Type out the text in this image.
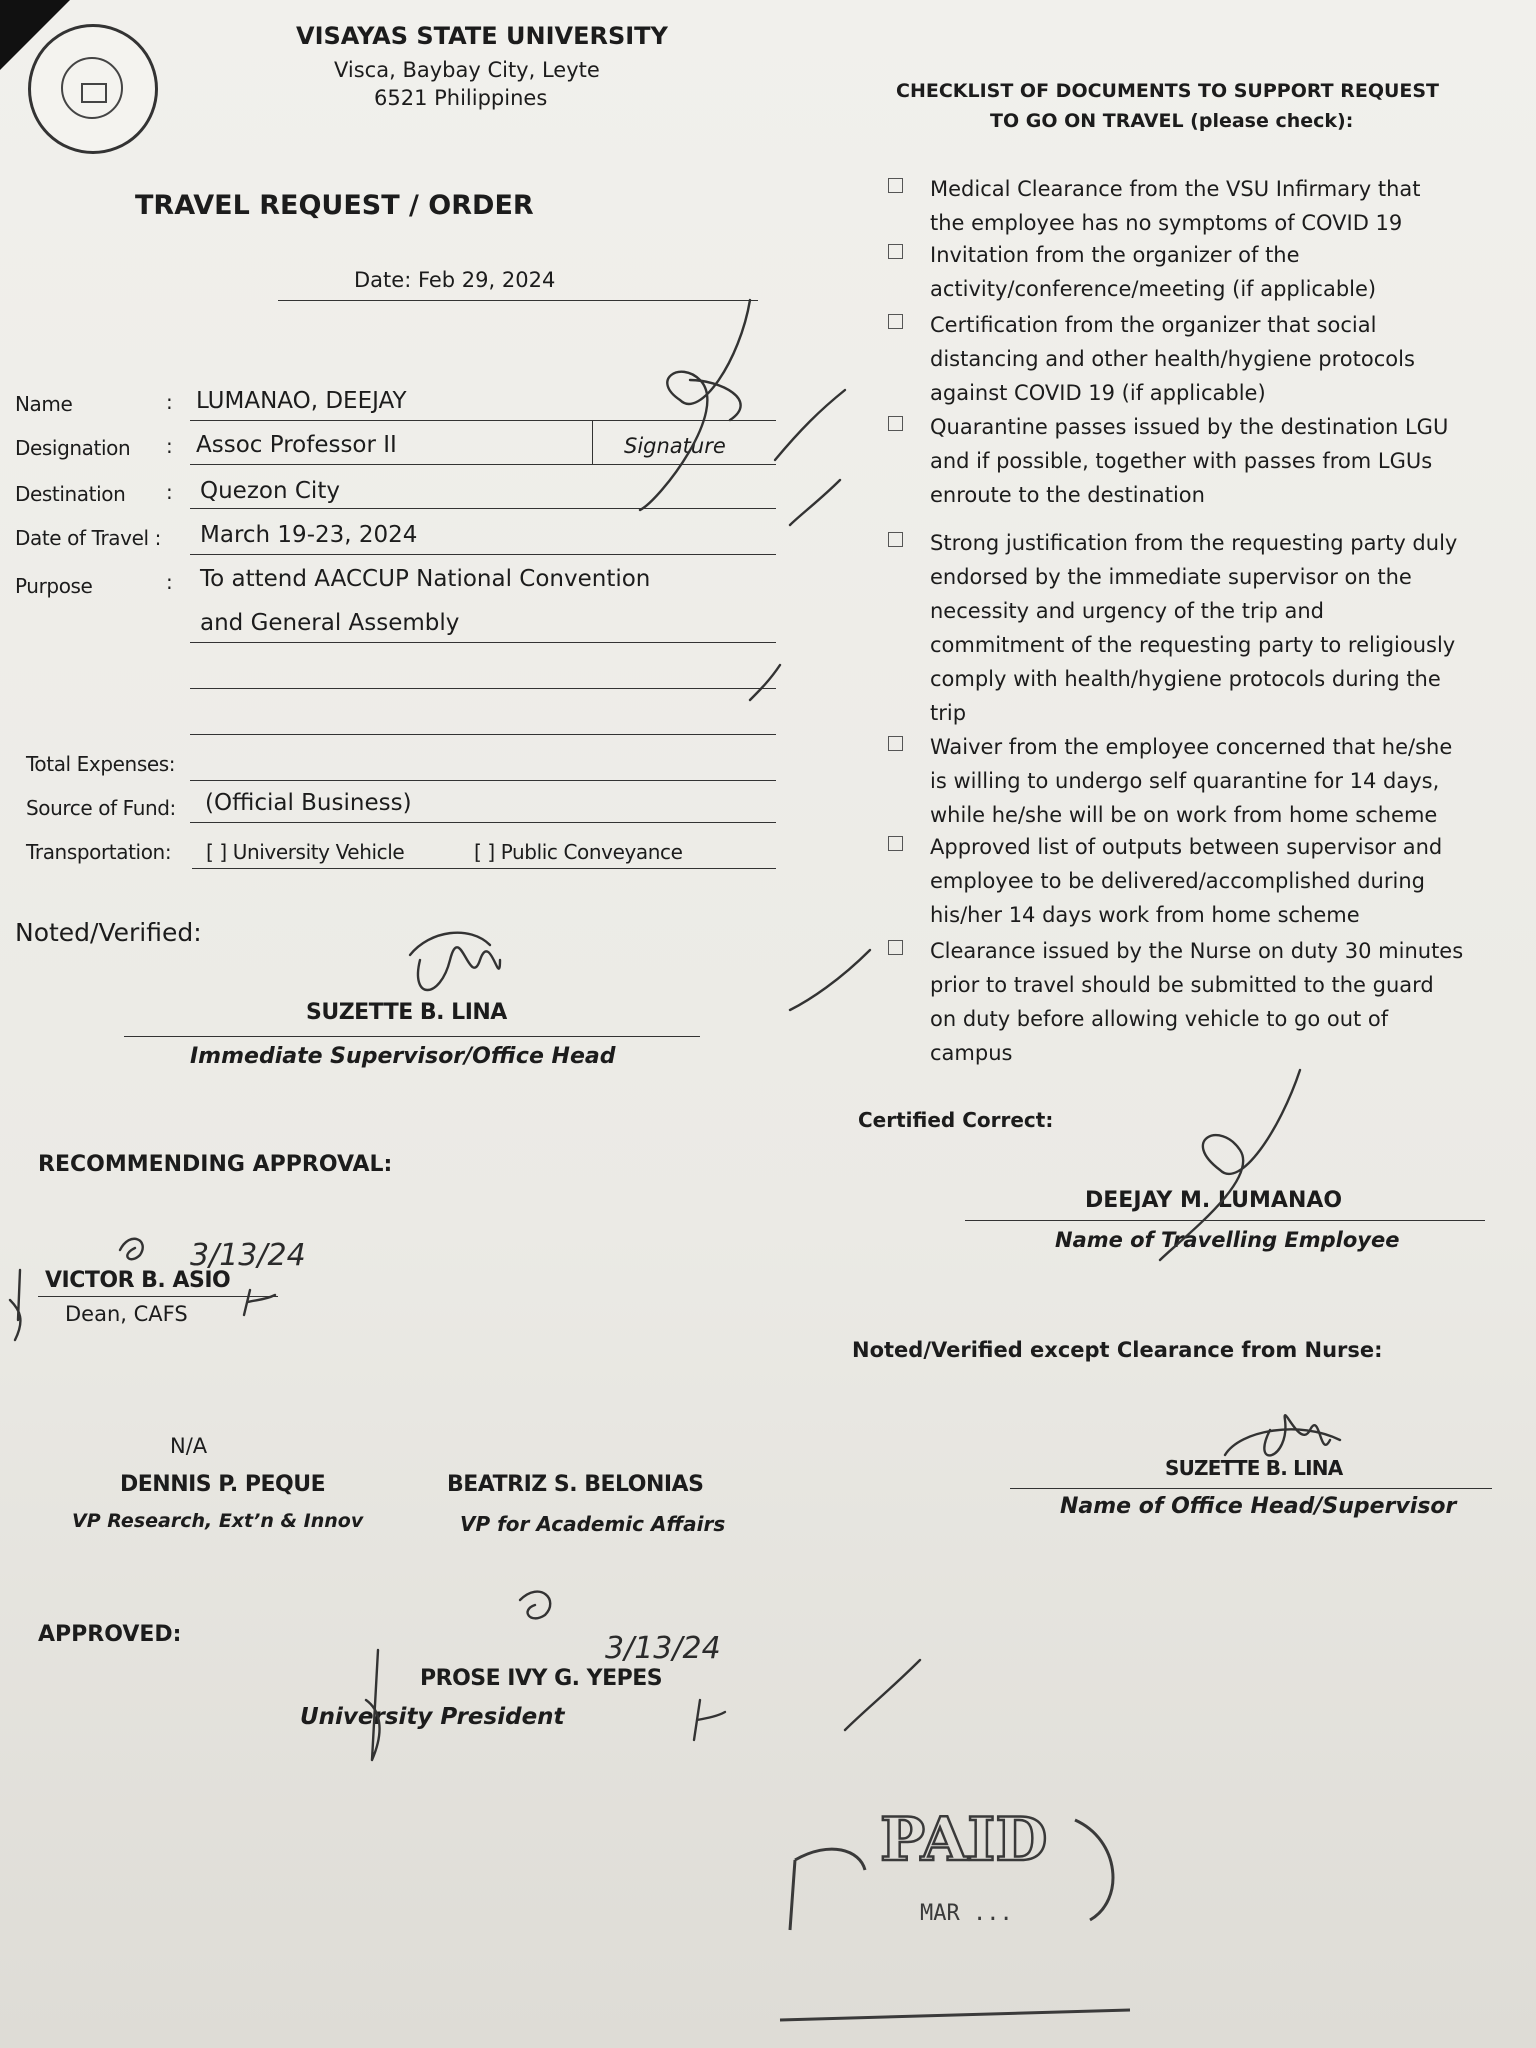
VISAYAS STATE UNIVERSITY
Visca, Baybay City, Leyte
6521 Philippines
TRAVEL REQUEST / ORDER
Date: Feb 29, 2024
Name	: LUMANAO, DEEJAY
Designation : Assoc Professor II	Signature
Destination : Quezon City
Date of Travel : March 19-23, 2024
Purpose	: To attend AACCUP National Convention
and General Assembly
Total Expenses:
Source of Fund: (Official Business)
Transportation: [ ] University Vehicle	[ ] Public Conveyance
Noted/Verified:
SUZETTE B. LINA
Immediate Supervisor/Office Head
RECOMMENDING APPROVAL:
VICTOR B. ASIO
Dean, CAFS
N/A
DENNIS P. PEQUE
VP Research, Ext’n & Innov
BEATRIZ S. BELONIAS
VP for Academic Affairs
APPROVED:
PROSE IVY G. YEPES
University President
CHECKLIST OF DOCUMENTS TO SUPPORT REQUEST
TO GO ON TRAVEL (please check):
Medical Clearance from the VSU Infirmary that
the employee has no symptoms of COVID 19
Invitation from the organizer of the
activity/conference/meeting (if applicable)
Certification from the organizer that social
distancing and other health/hygiene protocols
against COVID 19 (if applicable)
Quarantine passes issued by the destination LGU
and if possible, together with passes from LGUs
enroute to the destination
Strong justification from the requesting party duly
endorsed by the immediate supervisor on the
necessity and urgency of the trip and
commitment of the requesting party to religiously
comply with health/hygiene protocols during the
trip
Waiver from the employee concerned that he/she
is willing to undergo self quarantine for 14 days,
while he/she will be on work from home scheme
Approved list of outputs between supervisor and
employee to be delivered/accomplished during
his/her 14 days work from home scheme
Clearance issued by the Nurse on duty 30 minutes
prior to travel should be submitted to the guard
on duty before allowing vehicle to go out of
campus
Certified Correct:
DEEJAY M. LUMANAO
Name of Travelling Employee
Noted/Verified except Clearance from Nurse:
SUZETTE B. LINA
Name of Office Head/Supervisor
3/13/24
3/13/24
PAID
MAR ...
